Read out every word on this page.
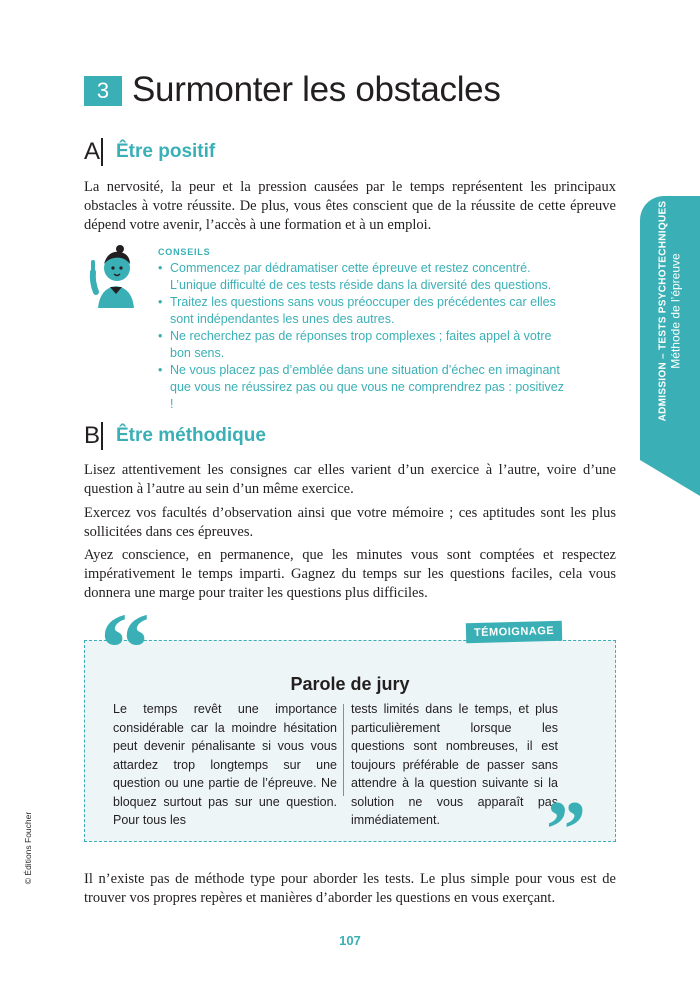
3 Surmonter les obstacles
A Être positif
La nervosité, la peur et la pression causées par le temps représentent les principaux obstacles à votre réussite. De plus, vous êtes conscient que de la réussite de cette épreuve dépend votre avenir, l’accès à une formation et à un emploi.
CONSEILS

• Commencez par dédramatiser cette épreuve et restez concentré. L’unique difficulté de ces tests réside dans la diversité des questions.

• Traitez les questions sans vous préoccuper des précédentes car elles sont indépendantes les unes des autres.

• Ne recherchez pas de réponses trop complexes ; faites appel à votre bon sens.

• Ne vous placez pas d’emblée dans une situation d’échec en imaginant que vous ne réussirez pas ou que vous ne comprendrez pas : positivez !

B Être méthodique
Lisez attentivement les consignes car elles varient d’un exercice à l’autre, voire d’une question à l’autre au sein d’un même exercice.
Exercez vos facultés d’observation ainsi que votre mémoire ; ces aptitudes sont les plus sollicitées dans ces épreuves.
Ayez conscience, en permanence, que les minutes vous sont comptées et respectez impérativement le temps imparti. Gagnez du temps sur les questions faciles, cela vous donnera une marge pour traiter les questions plus difficiles.
ADMISSION – TESTS PSYCHOTECHNIQUES Méthode de l’épreuve
“	TÉMOIGNAGE
Parole de jury
Le temps revêt une importance considérable car la moindre hésitation peut devenir pénalisante si vous vous attardez trop longtemps sur une question ou une partie de l’épreuve. Ne bloquez surtout pas sur une question. Pour tous les
tests limités dans le temps, et plus particulièrement lorsque les questions sont nombreuses, il est toujours préférable de passer sans attendre à la question suivante si la solution ne vous apparaît pas immédiatement.	”
Il n’existe pas de méthode type pour aborder les tests. Le plus simple pour vous est de trouver vos propres repères et manières d’aborder les questions en vous exerçant.
107
© Éditions Foucher
